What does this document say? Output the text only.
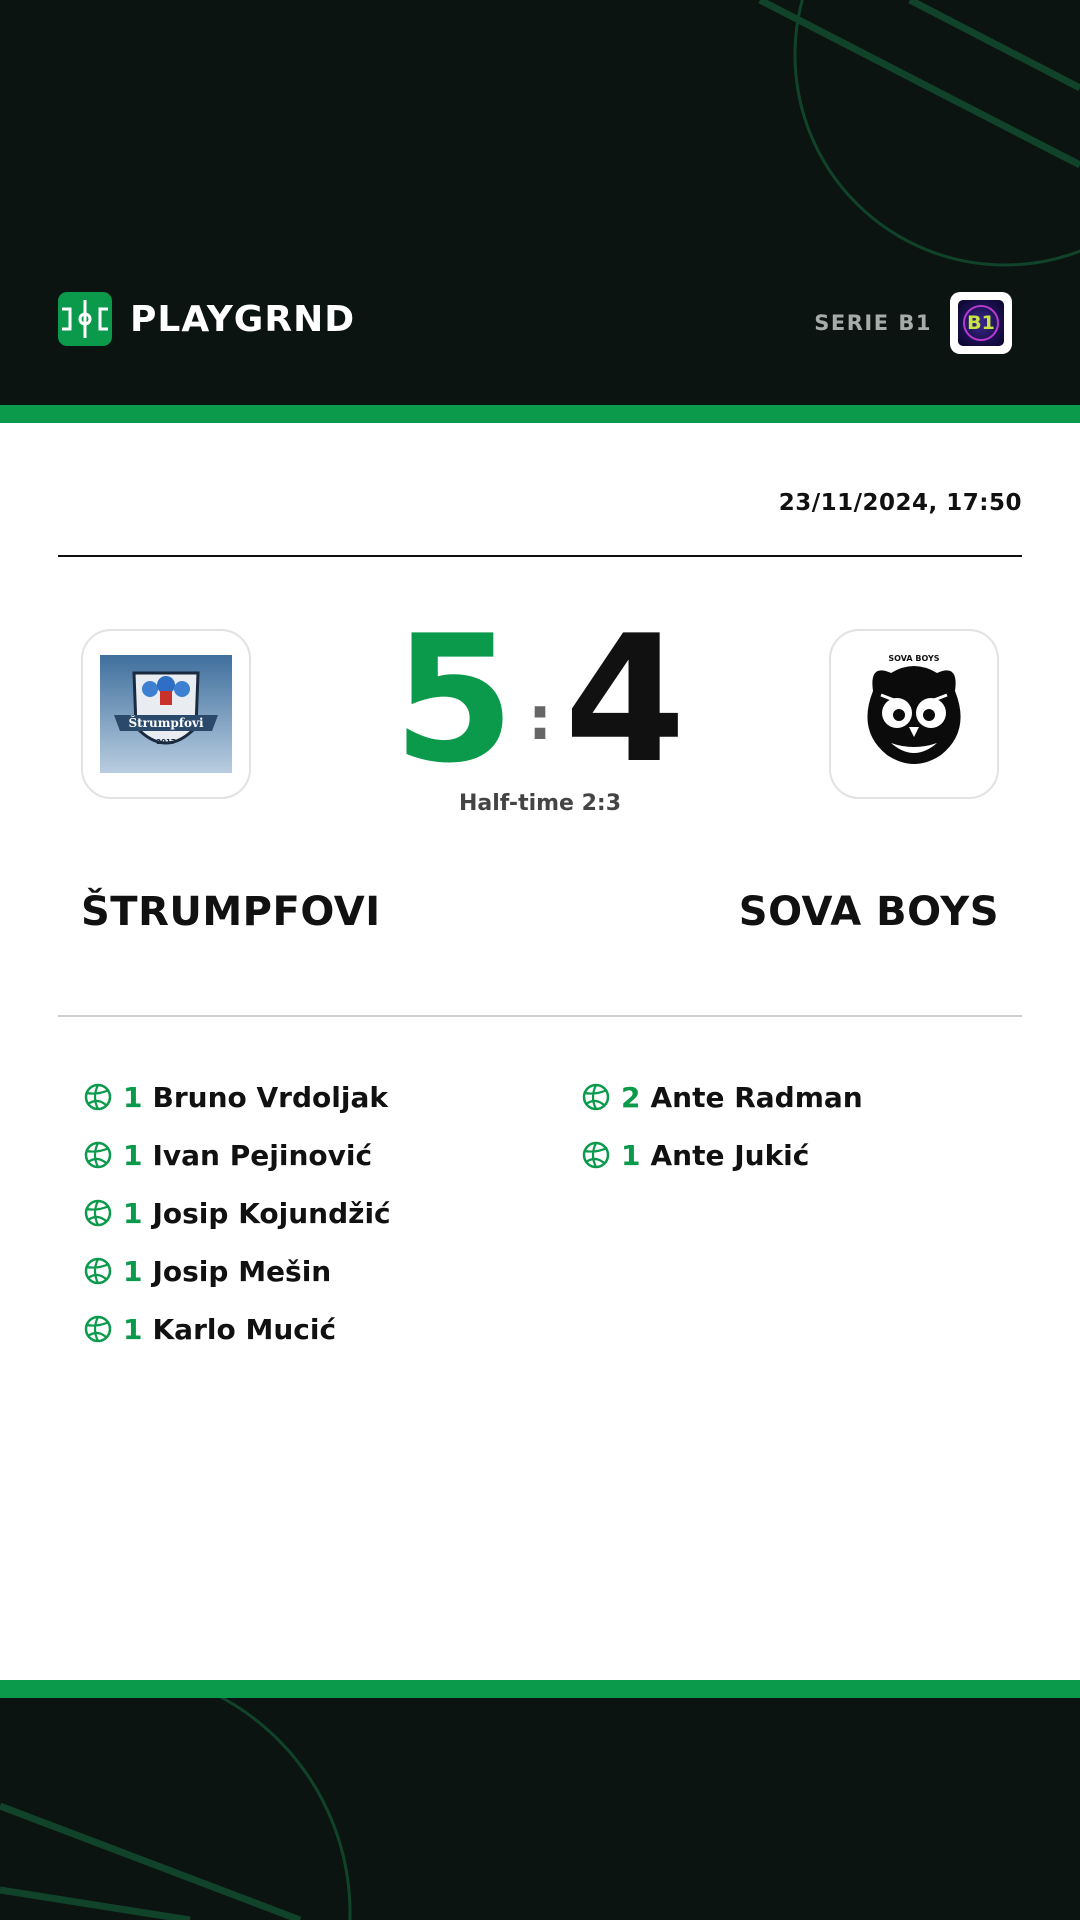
PLAYGRND	SERIE B1 B1
23/11/2024, 17:50
Štrumpfovi
2017 5 : 4
Half-time 2:3
SOVA BOYS
ŠTRUMPFOVI	SOVA BOYS
1 Bruno Vrdoljak
1 Ivan Pejinović
1 Josip Kojundžić
1 Josip Mešin
1 Karlo Mucić
2 Ante Radman
1 Ante Jukić
